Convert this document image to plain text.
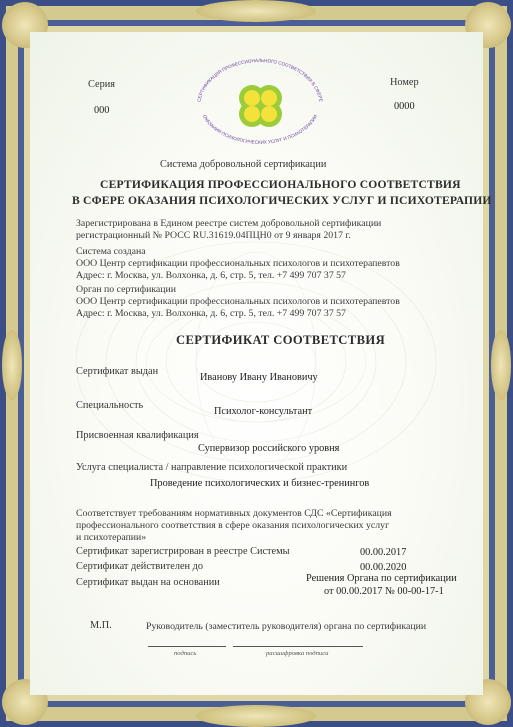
СЕРТИФИКАЦИЯ ПРОФЕССИОНАЛЬНОГО СООТВЕТСТВИЯ В СФЕРЕ
ОКАЗАНИЯ ПСИХОЛОГИЧЕСКИХ УСЛУГ И ПСИХОТЕРАПИИ
Серия
000
Номер
0000
Система добровольной сертификации
СЕРТИФИКАЦИЯ ПРОФЕССИОНАЛЬНОГО СООТВЕТСТВИЯ
В СФЕРЕ ОКАЗАНИЯ ПСИХОЛОГИЧЕСКИХ УСЛУГ И ПСИХОТЕРАПИИ
Зарегистрирована в Едином реестре систем добровольной сертификации
регистрационный № РОСС RU.31619.04ПЦН0 от 9 января 2017 г.
Система создана
ООО Центр сертификации профессиональных психологов и психотерапевтов
Адрес: г. Москва, ул. Волхонка, д. 6, стр. 5, тел. +7 499 707 37 57
Орган по сертификации
ООО Центр сертификации профессиональных психологов и психотерапевтов
Адрес: г. Москва, ул. Волхонка, д. 6, стр. 5, тел. +7 499 707 37 57
СЕРТИФИКАТ СООТВЕТСТВИЯ
Сертификат выдан
Иванову Ивану Ивановичу
Специальность
Психолог-консультант
Присвоенная квалификация
Супервизор российского уровня
Услуга специалиста / направление психологической практики
Проведение психологических и бизнес-тренингов
Соответствует требованиям нормативных документов СДС «Сертификация
профессионального соответствия в сфере оказания психологических услуг
и психотерапии»
Сертификат зарегистрирован в реестре Системы	00.00.2017
Сертификат действителен до	00.00.2020
Сертификат выдан на основании	Решения Органа по сертификации
от 00.00.2017 № 00-00-17-1
М.П.	Руководитель (заместитель руководителя) органа по сертификации
подпись	расшифровка подписи
